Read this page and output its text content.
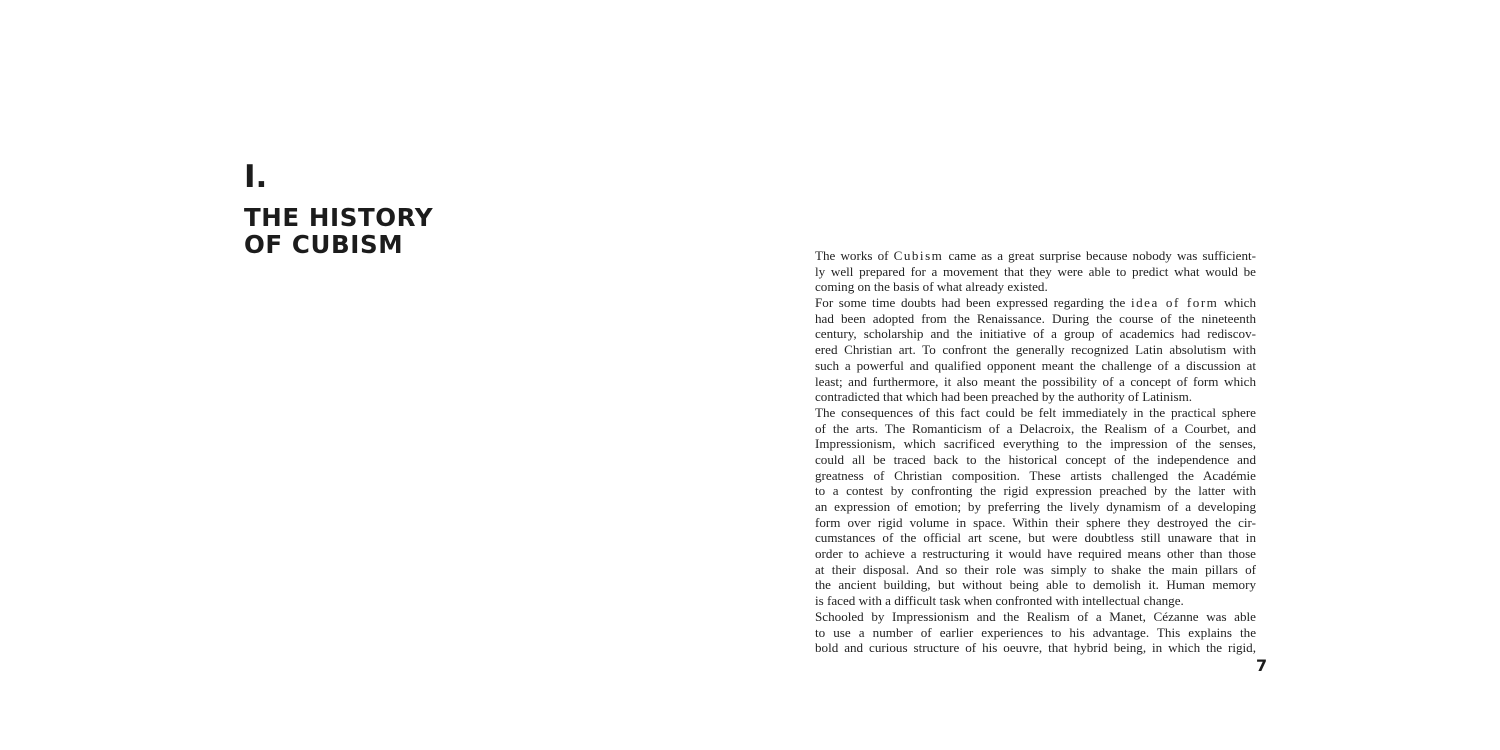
I.
THE HISTORY
OF CUBISM	The works of Cubism came as a great surprise because nobody was sufficient-
ly well prepared for a movement that they were able to predict what would be
coming on the basis of what already existed.
For some time doubts had been expressed regarding the idea of form which
had been adopted from the Renaissance. During the course of the nineteenth
century, scholarship and the initiative of a group of academics had rediscov-
ered Christian art. To confront the generally recognized Latin absolutism with
such a powerful and qualified opponent meant the challenge of a discussion at
least; and furthermore, it also meant the possibility of a concept of form which
contradicted that which had been preached by the authority of Latinism.
The consequences of this fact could be felt immediately in the practical sphere
of the arts. The Romanticism of a Delacroix, the Realism of a Courbet, and
Impressionism, which sacrificed everything to the impression of the senses,
could all be traced back to the historical concept of the independence and
greatness of Christian composition. These artists challenged the Académie
to a contest by confronting the rigid expression preached by the latter with
an expression of emotion; by preferring the lively dynamism of a developing
form over rigid volume in space. Within their sphere they destroyed the cir-
cumstances of the official art scene, but were doubtless still unaware that in
order to achieve a restructuring it would have required means other than those
at their disposal. And so their role was simply to shake the main pillars of
the ancient building, but without being able to demolish it. Human memory
is faced with a difficult task when confronted with intellectual change.
Schooled by Impressionism and the Realism of a Manet, Cézanne was able
to use a number of earlier experiences to his advantage. This explains the
bold and curious structure of his oeuvre, that hybrid being, in which the rigid,
7
